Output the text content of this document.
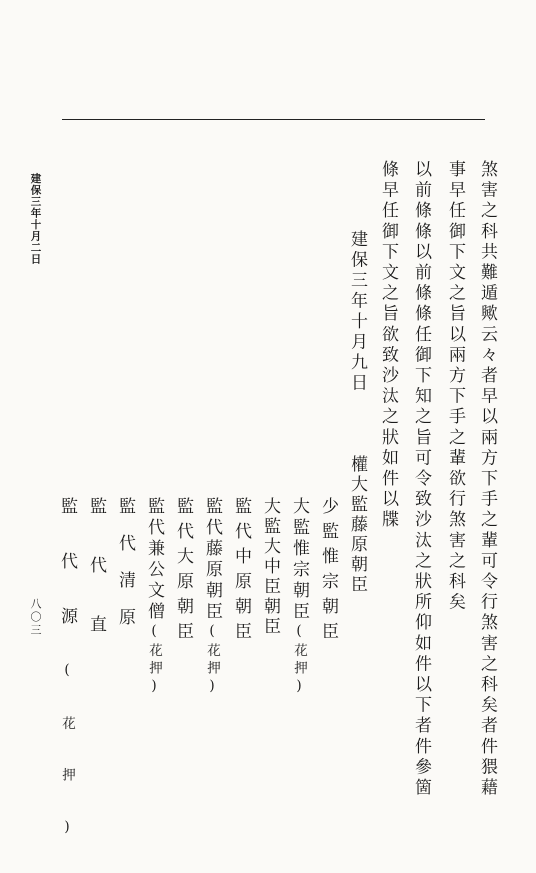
建保三年十月二日	煞害之科共難遁歟云々者早以兩方下手之輩可令行煞害之科矣者件猥藉
事早任御下文之旨以兩方下手之輩欲行煞害之科矣
以前條條以前條條任御下知之旨可令致沙汰之狀所仰如件以下者件參箇
條早任御下文之旨欲致沙汰之狀如件以牒
建保三年十月九日
權大監藤原朝臣
少監惟宗朝臣
大監惟宗朝臣(花押)
大監大中臣朝臣
監代中原朝臣
監代藤原朝臣(花押)
監代大原朝臣
監代兼公文僧(花押)
監代清原
監代直
監代源(花押)
八〇三
